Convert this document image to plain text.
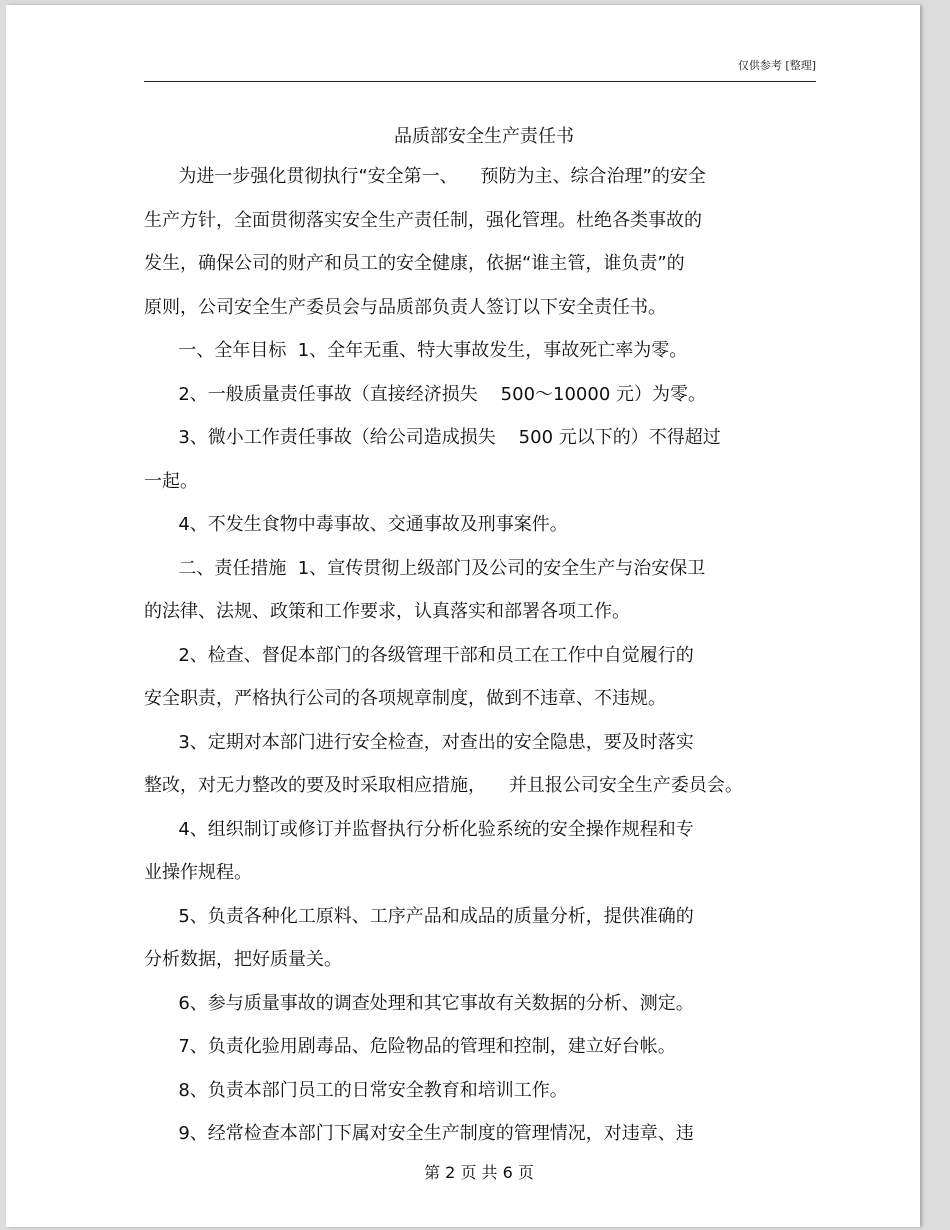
仅供参考 [整理]
品质部安全生产责任书
为进一步强化贯彻执行“安全第一、    预防为主、综合治理”的安全
生产方针，全面贯彻落实安全生产责任制，强化管理。杜绝各类事故的
发生，确保公司的财产和员工的安全健康，依据“谁主管，谁负责”的
原则，公司安全生产委员会与品质部负责人签订以下安全责任书。
一、全年目标  1、全年无重、特大事故发生，事故死亡率为零。
2、一般质量责任事故（直接经济损失    500～10000 元）为零。
3、微小工作责任事故（给公司造成损失    500 元以下的）不得超过
一起。
4、不发生食物中毒事故、交通事故及刑事案件。
二、责任措施  1、宣传贯彻上级部门及公司的安全生产与治安保卫
的法律、法规、政策和工作要求，认真落实和部署各项工作。
2、检查、督促本部门的各级管理干部和员工在工作中自觉履行的
安全职责，严格执行公司的各项规章制度，做到不违章、不违规。
3、定期对本部门进行安全检查，对查出的安全隐患，要及时落实
整改，对无力整改的要及时采取相应措施，    并且报公司安全生产委员会。
4、组织制订或修订并监督执行分析化验系统的安全操作规程和专
业操作规程。
5、负责各种化工原料、工序产品和成品的质量分析，提供准确的
分析数据，把好质量关。
6、参与质量事故的调查处理和其它事故有关数据的分析、测定。
7、负责化验用剧毒品、危险物品的管理和控制，建立好台帐。
8、负责本部门员工的日常安全教育和培训工作。
9、经常检查本部门下属对安全生产制度的管理情况，对违章、违
第 2 页 共 6 页
